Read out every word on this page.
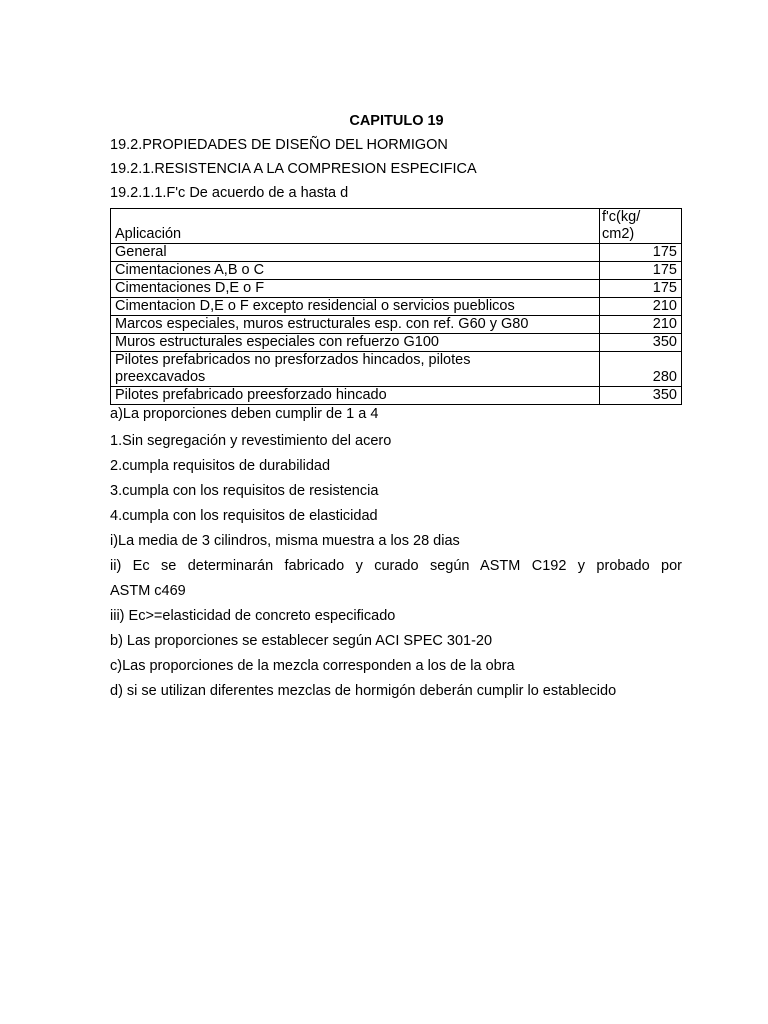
CAPITULO 19
19.2.PROPIEDADES DE DISEÑO DEL HORMIGON
19.2.1.RESISTENCIA A LA COMPRESION ESPECIFICA
19.2.1.1.F'c De acuerdo de a hasta d
Aplicación	f'c(kg/
cm2)
General	175
Cimentaciones A,B o C	175
Cimentaciones D,E o F	175
Cimentacion D,E o F excepto residencial o servicios pueblicos	210
Marcos especiales, muros estructurales esp. con ref. G60 y G80	210
Muros estructurales especiales con refuerzo G100	350
Pilotes prefabricados no presforzados hincados, pilotes
preexcavados	280
Pilotes prefabricado preesforzado hincado	350

a)La proporciones deben cumplir de 1 a 4

1.Sin segregación y revestimiento del acero

2.cumpla requisitos de durabilidad

3.cumpla con los requisitos de resistencia

4.cumpla con los requisitos de elasticidad

i)La media de 3 cilindros, misma muestra a los 28 dias

ii) Ec se determinarán fabricado y curado según ASTM C192 y probado por

ASTM c469

iii) Ec>=elasticidad de concreto especificado

b) Las proporciones se establecer según ACI SPEC 301-20

c)Las proporciones de la mezcla corresponden a los de la obra

d) si se utilizan diferentes mezclas de hormigón deberán cumplir lo establecido
